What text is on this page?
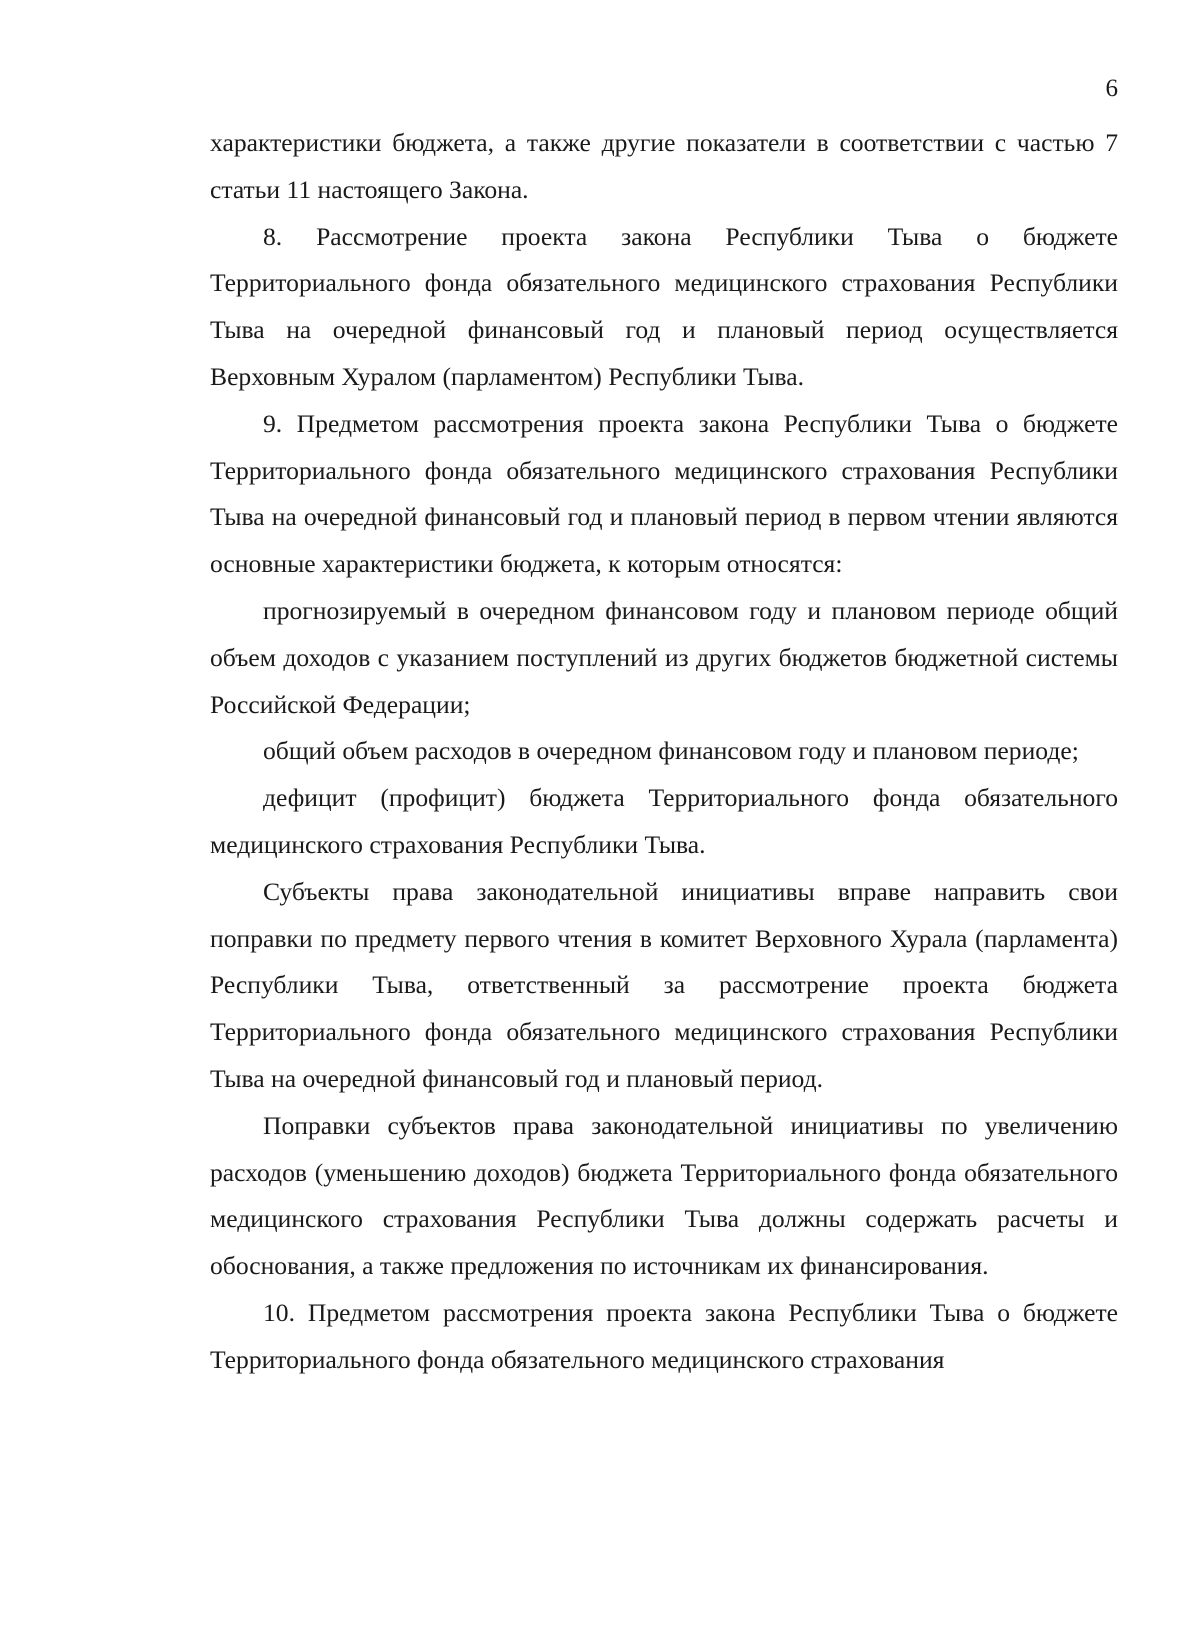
6

характеристики бюджета, а также другие показатели в соответствии с частью 7 статьи 11 настоящего Закона.

8. Рассмотрение проекта закона Республики Тыва о бюджете Территориального фонда обязательного медицинского страхования Республики Тыва на очередной финансовый год и плановый период осуществляется Верховным Хуралом (парламентом) Республики Тыва.

9. Предметом рассмотрения проекта закона Республики Тыва о бюджете Территориального фонда обязательного медицинского страхования Республики Тыва на очередной финансовый год и плановый период в первом чтении являются основные характеристики бюджета, к которым относятся:

прогнозируемый в очередном финансовом году и плановом периоде общий объем доходов с указанием поступлений из других бюджетов бюджетной системы Российской Федерации;

общий объем расходов в очередном финансовом году и плановом периоде;

дефицит (профицит) бюджета Территориального фонда обязательного медицинского страхования Республики Тыва.

Субъекты права законодательной инициативы вправе направить свои поправки по предмету первого чтения в комитет Верховного Хурала (парламента) Республики Тыва, ответственный за рассмотрение проекта бюджета Территориального фонда обязательного медицинского страхования Республики Тыва на очередной финансовый год и плановый период.

Поправки субъектов права законодательной инициативы по увеличению расходов (уменьшению доходов) бюджета Территориального фонда обязательного медицинского страхования Республики Тыва должны содержать расчеты и обоснования, а также предложения по источникам их финансирования.

10. Предметом рассмотрения проекта закона Республики Тыва о бюджете Территориального фонда обязательного медицинского страхования
